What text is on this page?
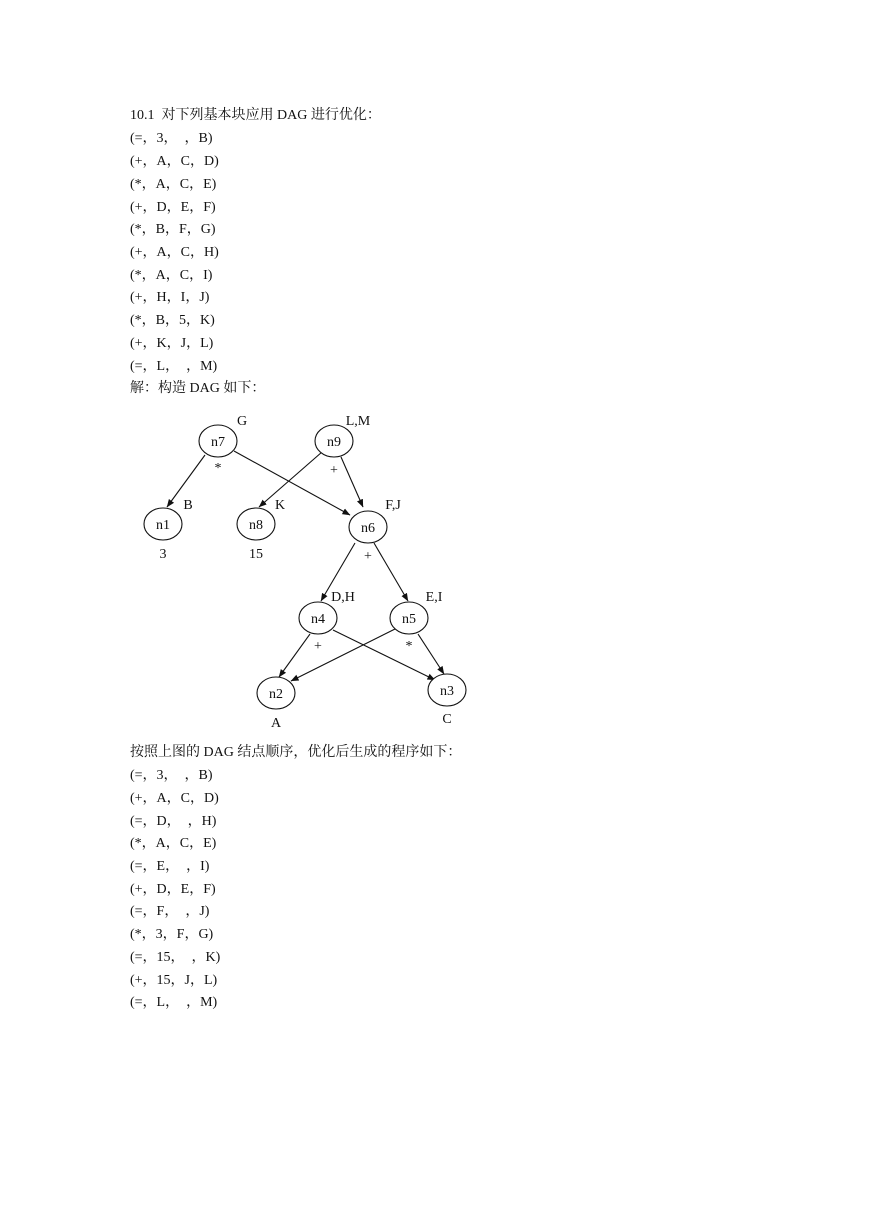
10.1  对下列基本块应用 DAG 进行优化：
(=，3，  ，B)
(+，A，C，D)
(*，A，C，E)
(+，D，E，F)
(*，B，F，G)
(+，A，C，H)
(*，A，C，I)
(+，H，I，J)
(*，B，5，K)
(+，K，J，L)
(=，L，  ，M)
解：构造 DAG 如下：
n7
G
*
n9
L,M
+
n1
B
3
n8
K
15
n6
F,J
+
n4
D,H
+
n5
E,I
*
n2
A
n3
C
按照上图的 DAG 结点顺序，优化后生成的程序如下：
(=，3，  ，B)
(+，A，C，D)
(=，D，  ，H)
(*，A，C，E)
(=，E，  ，I)
(+，D，E，F)
(=，F，  ，J)
(*，3，F，G)
(=，15，  ，K)
(+，15，J，L)
(=，L，  ，M)
